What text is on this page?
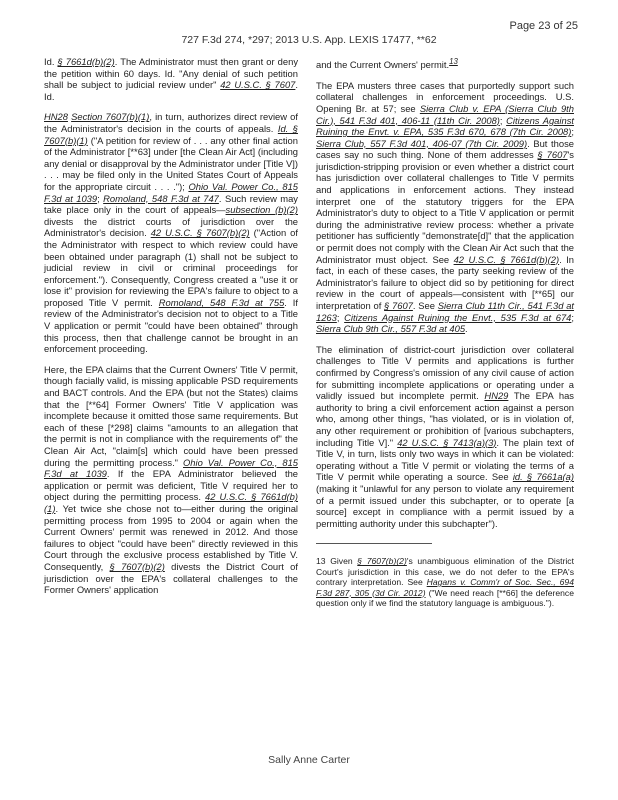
Page 23 of 25
727 F.3d 274, *297; 2013 U.S. App. LEXIS 17477, **62

Id. § 7661d(b)(2). The Administrator must then grant or deny the petition within 60 days. Id. "Any denial of such petition shall be subject to judicial review under" 42 U.S.C. § 7607. Id.

HN28 Section 7607(b)(1), in turn, authorizes direct review of the Administrator's decision in the courts of appeals. Id. § 7607(b)(1) ("A petition for review of . . . any other final action of the Administrator [**63] under [the Clean Air Act] (including any denial or disapproval by the Administrator under [Title V]) . . . may be filed only in the United States Court of Appeals for the appropriate circuit . . . ."); Ohio Val. Power Co., 815 F.3d at 1039; Romoland, 548 F.3d at 747. Such review may take place only in the court of appeals—subsection (b)(2) divests the district courts of jurisdiction over the Administrator's decision. 42 U.S.C. § 7607(b)(2) ("Action of the Administrator with respect to which review could have been obtained under paragraph (1) shall not be subject to judicial review in civil or criminal proceedings for enforcement."). Consequently, Congress created a "use it or lose it" provision for reviewing the EPA's failure to object to a proposed Title V permit. Romoland, 548 F.3d at 755. If review of the Administrator's decision not to object to a Title V application or permit "could have been obtained" through this process, then that challenge cannot be brought in an enforcement proceeding.

Here, the EPA claims that the Current Owners' Title V permit, though facially valid, is missing applicable PSD requirements and BACT controls. And the EPA (but not the States) claims that the [**64] Former Owners' Title V application was incomplete because it omitted those same requirements. But each of these [*298] claims "amounts to an allegation that the permit is not in compliance with the requirements of" the Clean Air Act, "claim[s] which could have been pressed during the permitting process." Ohio Val. Power Co., 815 F.3d at 1039. If the EPA Administrator believed the application or permit was deficient, Title V required her to object during the permitting process. 42 U.S.C. § 7661d(b)(1). Yet twice she chose not to—either during the original permitting process from 1995 to 2004 or again when the Current Owners' permit was renewed in 2012. And those failures to object "could have been" directly reviewed in this Court through the exclusive process established by Title V. Consequently, § 7607(b)(2) divests the District Court of jurisdiction over the EPA's collateral challenges to the Former Owners' application

and the Current Owners' permit.$^{13}$

The EPA musters three cases that purportedly support such collateral challenges in enforcement proceedings. U.S. Opening Br. at 57; see Sierra Club v. EPA (Sierra Club 9th Cir.), 541 F.3d 401, 406-11 (11th Cir. 2008); Citizens Against Ruining the Envt. v. EPA, 535 F.3d 670, 678 (7th Cir. 2008); Sierra Club, 557 F.3d 401, 406-07 (7th Cir. 2009). But those cases say no such thing. None of them addresses § 7607's jurisdiction-stripping provision or even whether a district court has jurisdiction over collateral challenges to Title V permits and applications in enforcement actions. They instead interpret one of the statutory triggers for the EPA Administrator's duty to object to a Title V application or permit during the administrative review process: whether a private petitioner has sufficiently "demonstrate[d]" that the application or permit does not comply with the Clean Air Act such that the Administrator must object. See 42 U.S.C. § 7661d(b)(2). In fact, in each of these cases, the party seeking review of the Administrator's failure to object did so by petitioning for direct review in the court of appeals—consistent with [**65] our interpretation of § 7607. See Sierra Club 11th Cir., 541 F.3d at 1263; Citizens Against Ruining the Envt., 535 F.3d at 674; Sierra Club 9th Cir., 557 F.3d at 405.

The elimination of district-court jurisdiction over collateral challenges to Title V permits and applications is further confirmed by Congress's omission of any civil cause of action for submitting incomplete applications or operating under a validly issued but incomplete permit. HN29 The EPA has authority to bring a civil enforcement action against a person who, among other things, "has violated, or is in violation of, any other requirement or prohibition of [various subchapters, including Title V]." 42 U.S.C. § 7413(a)(3). The plain text of Title V, in turn, lists only two ways in which it can be violated: operating without a Title V permit or violating the terms of a Title V permit while operating a source. See id. § 7661a(a) (making it "unlawful for any person to violate any requirement of a permit issued under this subchapter, or to operate [a source] except in compliance with a permit issued by a permitting authority under this subchapter").

13 Given § 7607(b)(2)'s unambiguous elimination of the District Court's jurisdiction in this case, we do not defer to the EPA's contrary interpretation. See Hagans v. Comm'r of Soc. Sec., 694 F.3d 287, 305 (3d Cir. 2012) ("We need reach [**66] the deference question only if we find the statutory language is ambiguous.").

Sally Anne Carter
